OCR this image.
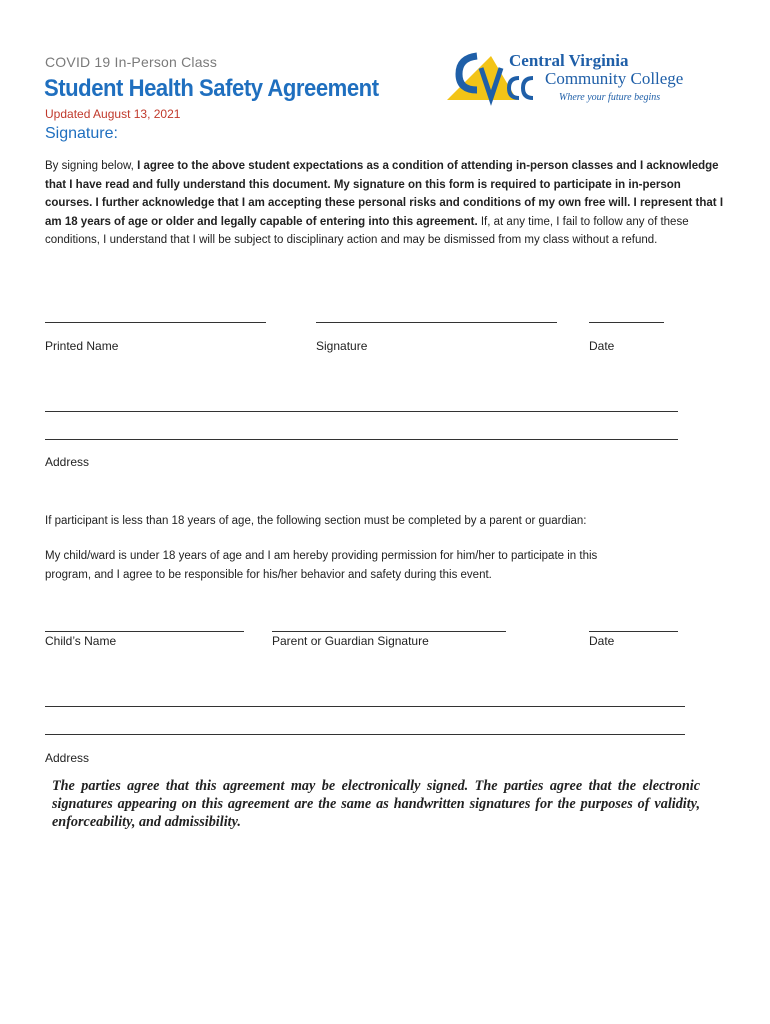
COVID 19 In-Person Class
Student Health Safety Agreement
Updated August 13, 2021
Signature:
Central Virginia
Community College
Where your future begins
By signing below, I agree to the above student expectations as a condition of attending in-person classes and I acknowledge that I have read and fully understand this document. My signature on this form is required to participate in in-person courses. I further acknowledge that I am accepting these personal risks and conditions of my own free will. I represent that I am 18 years of age or older and legally capable of entering into this agreement. If, at any time, I fail to follow any of these conditions, I understand that I will be subject to disciplinary action and may be dismissed from my class without a refund.
Printed Name	Signature	Date
Address
If participant is less than 18 years of age, the following section must be completed by a parent or guardian:
My child/ward is under 18 years of age and I am hereby providing permission for him/her to participate in this program, and I agree to be responsible for his/her behavior and safety during this event.
Child’s Name	Parent or Guardian Signature	Date
Address
The parties agree that this agreement may be electronically signed. The parties agree that the electronic signatures appearing on this agreement are the same as handwritten signatures for the purposes of validity, enforceability, and admissibility.
